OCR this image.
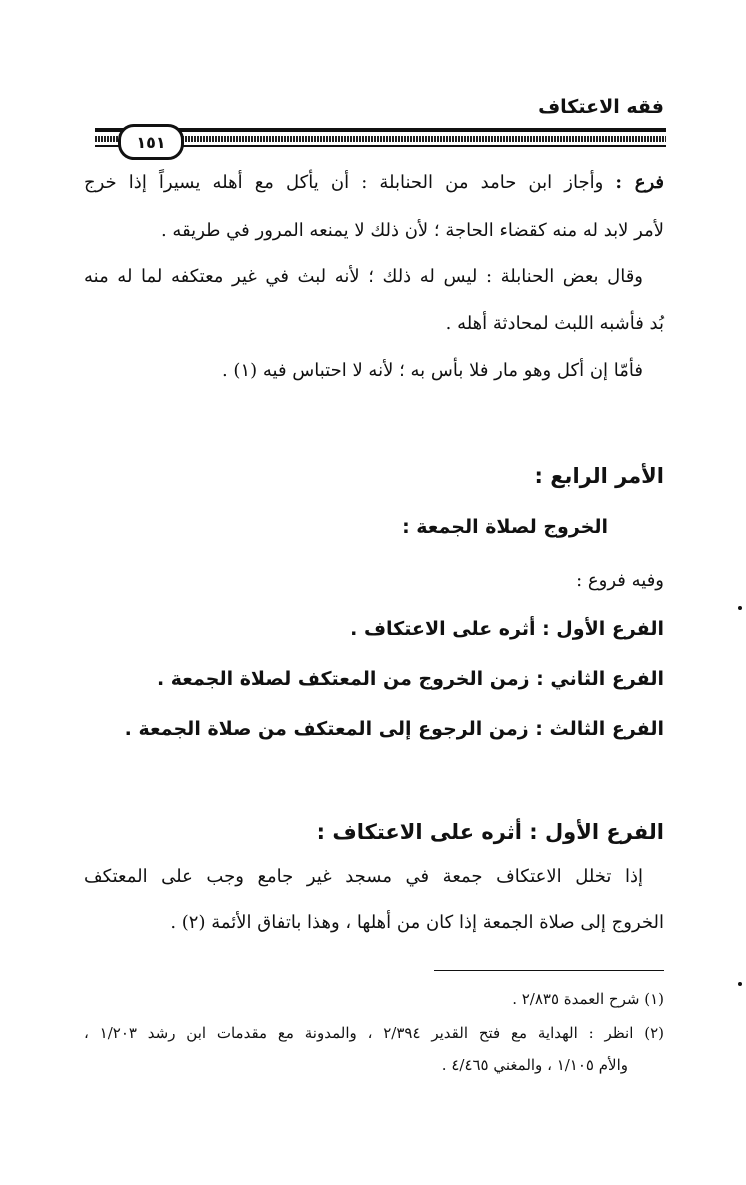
فقه الاعتكاف
١٥١
فرع : وأجاز ابن حامد من الحنابلة : أن يأكل مع أهله يسيراً إذا خرج
لأمر لابد له منه كقضاء الحاجة ؛ لأن ذلك لا يمنعه المرور في طريقه .
وقال بعض الحنابلة : ليس له ذلك ؛ لأنه لبث في غير معتكفه لما له منه
بُد فأشبه اللبث لمحادثة أهله .
فأمّا إن أكل وهو مار فلا بأس به ؛ لأنه لا احتباس فيه (١) .
الأمر الرابع :
الخروج لصلاة الجمعة :
وفيه فروع :
الفرع الأول : أثره على الاعتكاف .
الفرع الثاني : زمن الخروج من المعتكف لصلاة الجمعة .
الفرع الثالث : زمن الرجوع إلى المعتكف من صلاة الجمعة .
الفرع الأول : أثره على الاعتكاف :
إذا تخلل الاعتكاف جمعة في مسجد غير جامع وجب على المعتكف
الخروج إلى صلاة الجمعة إذا كان من أهلها ، وهذا باتفاق الأئمة (٢) .
(١) شرح العمدة ٢/٨٣٥ .
(٢) انظر : الهداية مع فتح القدير ٢/٣٩٤ ، والمدونة مع مقدمات ابن رشد ١/٢٠٣ ،
والأم ١/١٠٥ ، والمغني ٤/٤٦٥ .
